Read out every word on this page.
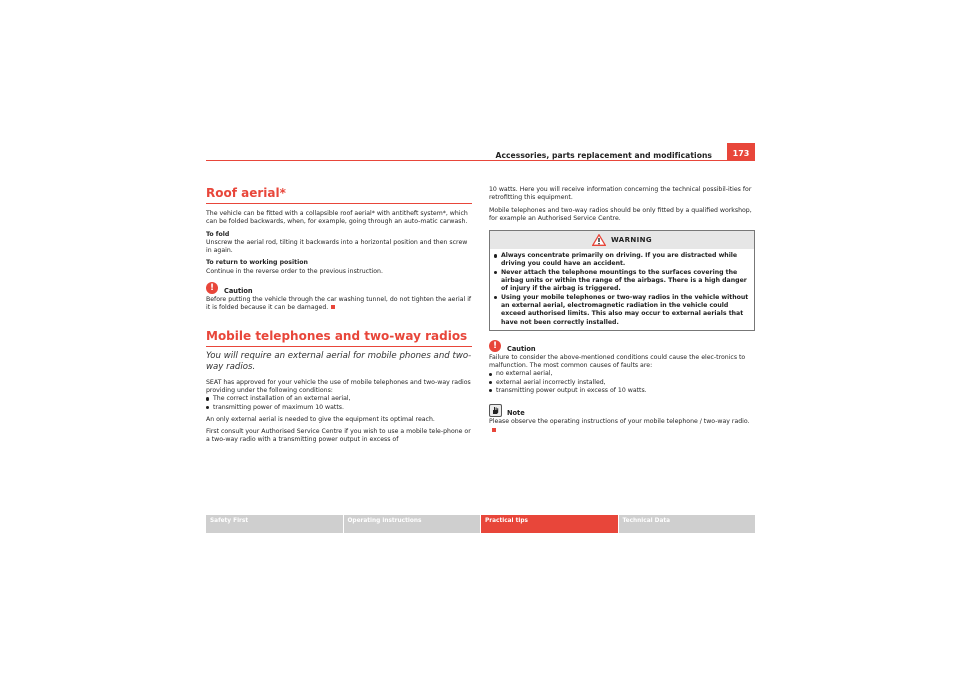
Accessories, parts replacement and modifications	173
Roof aerial*

The vehicle can be fitted with a collapsible roof aerial* with antitheft system*, which can be folded backwards, when, for example, going through an auto-matic carwash.

To fold

Unscrew the aerial rod, tilting it backwards into a horizontal position and then screw in again.

To return to working position

Continue in the reverse order to the previous instruction.

!	Caution

Before putting the vehicle through the car washing tunnel, do not tighten the aerial if it is folded because it can be damaged.

Mobile telephones and two-way radios
You will require an external aerial for mobile phones and two-way radios.

SEAT has approved for your vehicle the use of mobile telephones and two-way radios providing under the following conditions:

The correct installation of an external aerial,
transmitting power of maximum 10 watts.

An only external aerial is needed to give the equipment its optimal reach.

First consult your Authorised Service Centre if you wish to use a mobile tele-phone or a two-way radio with a transmitting power output in excess of

10 watts. Here you will receive information concerning the technical possibil-ities for retrofitting this equipment.

Mobile telephones and two-way radios should be only fitted by a qualified workshop, for example an Authorised Service Centre.

WARNING
Always concentrate primarily on driving. If you are distracted while driving you could have an accident.
Never attach the telephone mountings to the surfaces covering the airbag units or within the range of the airbags. There is a high danger of injury if the airbag is triggered.
Using your mobile telephones or two-way radios in the vehicle without an external aerial, electromagnetic radiation in the vehicle could exceed authorised limits. This also may occur to external aerials that have not been correctly installed.
!	Caution

Failure to consider the above-mentioned conditions could cause the elec-tronics to malfunction. The most common causes of faults are:

no external aerial,
external aerial incorrectly installed,
transmitting power output in excess of 10 watts.
Note

Please observe the operating instructions of your mobile telephone / two-way radio.

Safety First	Operating instructions	Practical tips	Technical Data
